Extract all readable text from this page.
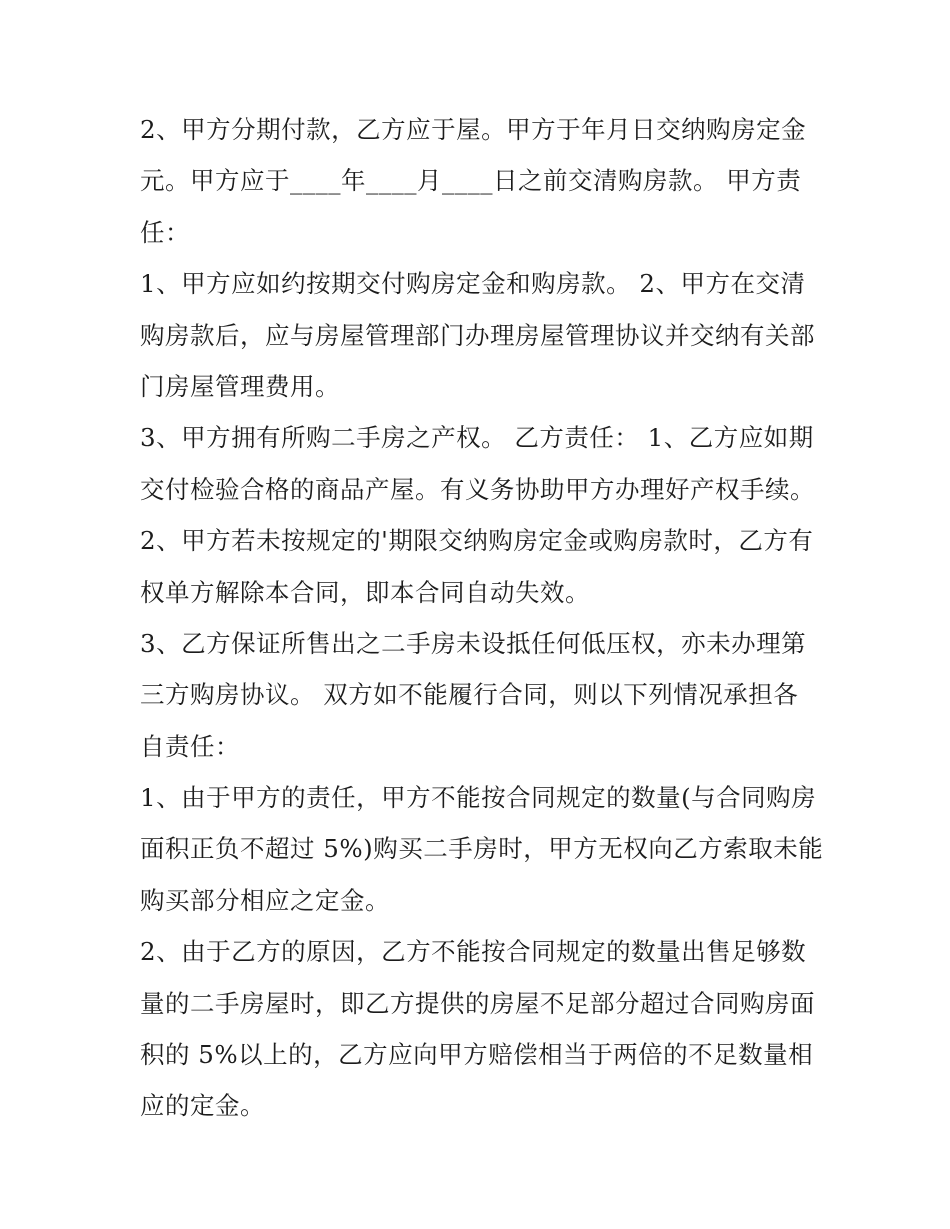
2、甲方分期付款，乙方应于屋。甲方于年月日交纳购房定金
元。甲方应于____年____月____日之前交清购房款。 甲方责
任：
1、甲方应如约按期交付购房定金和购房款。 2、甲方在交清
购房款后，应与房屋管理部门办理房屋管理协议并交纳有关部
门房屋管理费用。
3、甲方拥有所购二手房之产权。 乙方责任： 1、乙方应如期
交付检验合格的商品产屋。有义务协助甲方办理好产权手续。
2、甲方若未按规定的'期限交纳购房定金或购房款时，乙方有
权单方解除本合同，即本合同自动失效。
3、乙方保证所售出之二手房未设抵任何低压权，亦未办理第
三方购房协议。 双方如不能履行合同，则以下列情况承担各
自责任：
1、由于甲方的责任，甲方不能按合同规定的数量(与合同购房
面积正负不超过 5%)购买二手房时，甲方无权向乙方索取未能
购买部分相应之定金。
2、由于乙方的原因，乙方不能按合同规定的数量出售足够数
量的二手房屋时，即乙方提供的房屋不足部分超过合同购房面
积的 5%以上的，乙方应向甲方赔偿相当于两倍的不足数量相
应的定金。
